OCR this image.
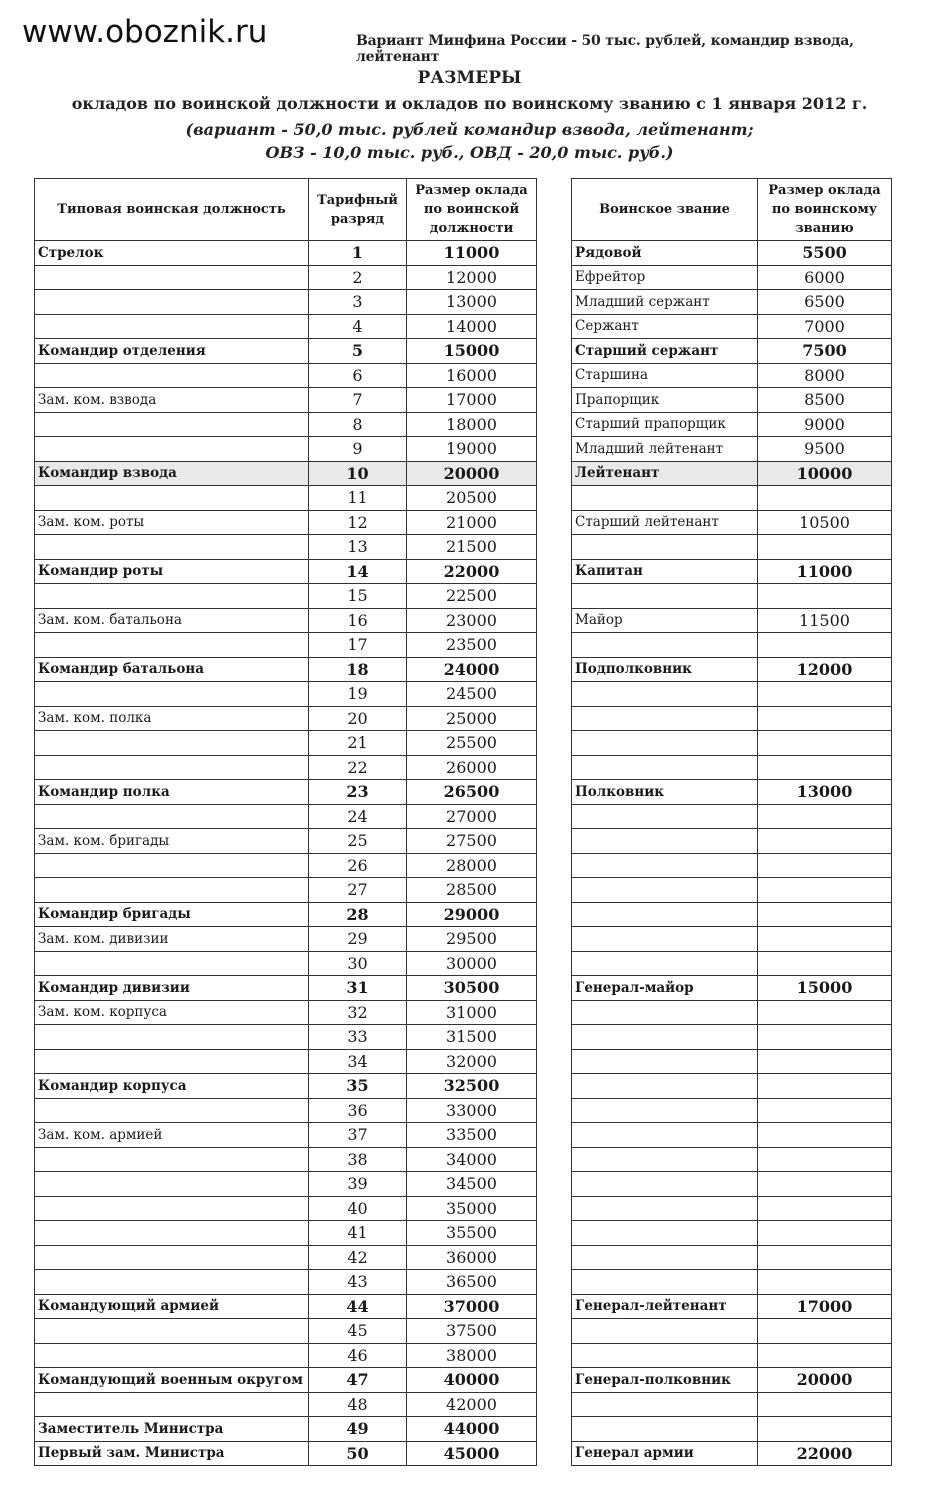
www.oboznik.ru	Вариант Минфина России - 50 тыс. рублей, командир взвода, лейтенант
РАЗМЕРЫ
окладов по воинской должности и окладов по воинскому званию с 1 января 2012 г.
(вариант - 50,0 тыс. рублей командир взвода, лейтенант;
ОВЗ - 10,0 тыс. руб., ОВД - 20,0 тыс. руб.)
Типовая воинская должность	Тарифный разряд	Размер оклада по воинской должности
Стрелок	1	11000
	2	12000
	3	13000
	4	14000
Командир отделения	5	15000
	6	16000
Зам. ком. взвода	7	17000
	8	18000
	9	19000
Командир взвода	10	20000
	11	20500
Зам. ком. роты	12	21000
	13	21500
Командир роты	14	22000
	15	22500
Зам. ком. батальона	16	23000
	17	23500
Командир батальона	18	24000
	19	24500
Зам. ком. полка	20	25000
	21	25500
	22	26000
Командир полка	23	26500
	24	27000
Зам. ком. бригады	25	27500
	26	28000
	27	28500
Командир бригады	28	29000
Зам. ком. дивизии	29	29500
	30	30000
Командир дивизии	31	30500
Зам. ком. корпуса	32	31000
	33	31500
	34	32000
Командир корпуса	35	32500
	36	33000
Зам. ком. армией	37	33500
	38	34000
	39	34500
	40	35000
	41	35500
	42	36000
	43	36500
Командующий армией	44	37000
	45	37500
	46	38000
Командующий военным округом	47	40000
	48	42000
Заместитель Министра	49	44000
Первый зам. Министра	50	45000
Воинское звание	Размер оклада по воинскому званию
Рядовой	5500
Ефрейтор	6000
Младший сержант	6500
Сержант	7000
Старший сержант	7500
Старшина	8000
Прапорщик	8500
Старший прапорщик	9000
Младший лейтенант	9500
Лейтенант	10000

Старший лейтенант	10500

Капитан	11000

Майор	11500

Подполковник	12000

Полковник	13000

Генерал-майор	15000

Генерал-лейтенант	17000

Генерал-полковник	20000

Генерал армии	22000
